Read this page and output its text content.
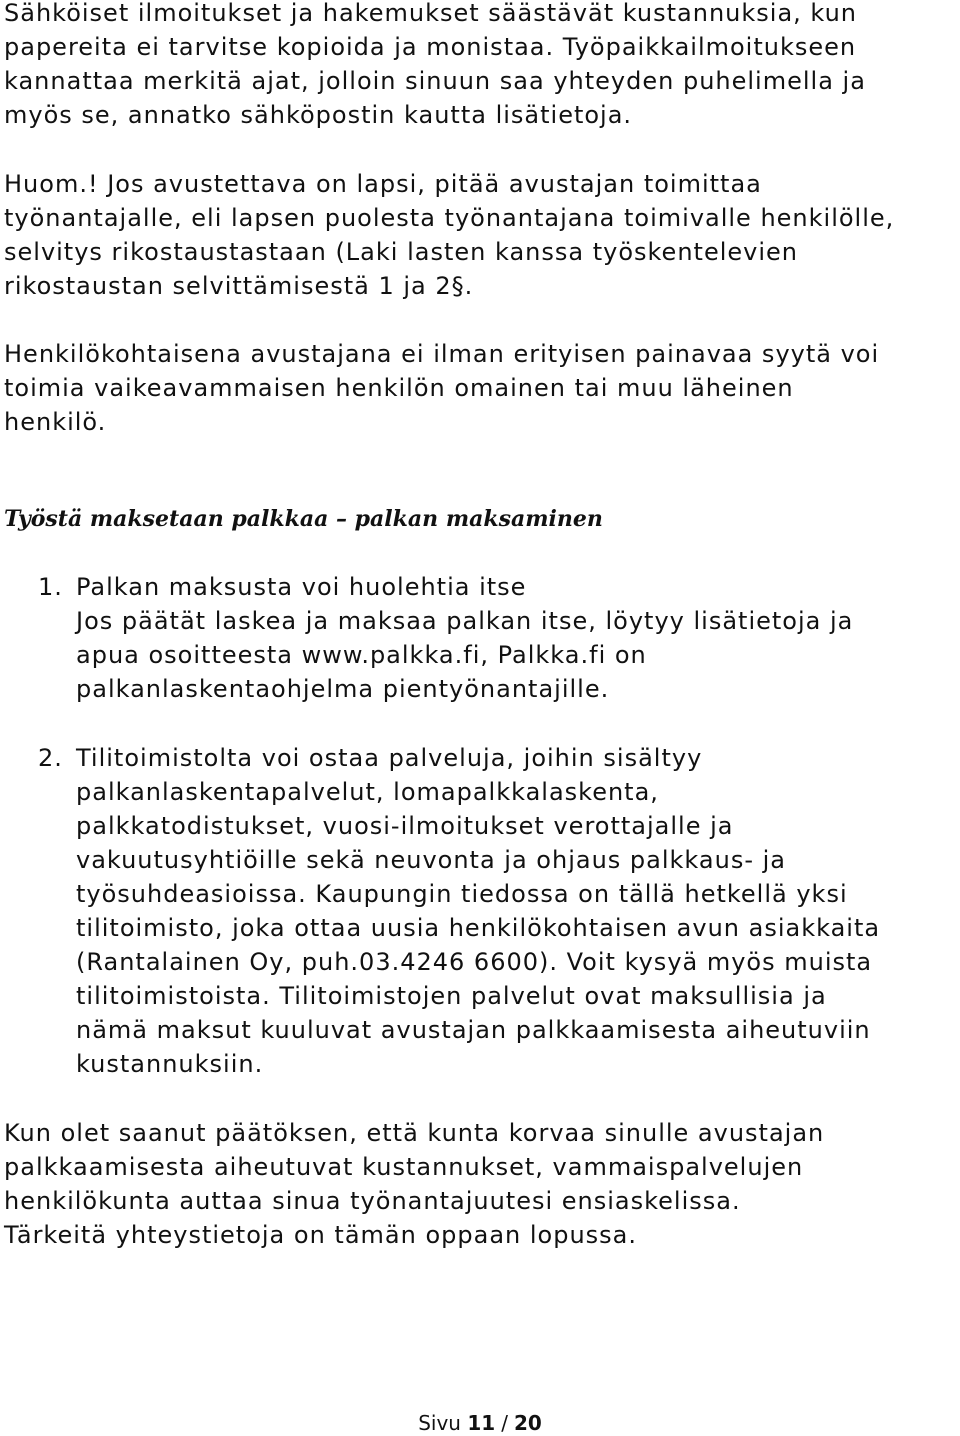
Sähköiset ilmoitukset ja hakemukset säästävät kustannuksia, kun
papereita ei tarvitse kopioida ja monistaa. Työpaikkailmoitukseen
kannattaa merkitä ajat, jolloin sinuun saa yhteyden puhelimella ja
myös se, annatko sähköpostin kautta lisätietoja.

Huom.! Jos avustettava on lapsi, pitää avustajan toimittaa
työnantajalle, eli lapsen puolesta työnantajana toimivalle henkilölle,
selvitys rikostaustastaan (Laki lasten kanssa työskentelevien
rikostaustan selvittämisestä 1 ja 2§.

Henkilökohtaisena avustajana ei ilman erityisen painavaa syytä voi
toimia vaikeavammaisen henkilön omainen tai muu läheinen
henkilö.

Työstä maksetaan palkkaa – palkan maksaminen
1. Palkan maksusta voi huolehtia itse
Jos päätät laskea ja maksaa palkan itse, löytyy lisätietoja ja
apua osoitteesta www.palkka.fi, Palkka.fi on
palkanlaskentaohjelma pientyönantajille.
2. Tilitoimistolta voi ostaa palveluja, joihin sisältyy
palkanlaskentapalvelut, lomapalkkalaskenta,
palkkatodistukset, vuosi-ilmoitukset verottajalle ja
vakuutusyhtiöille sekä neuvonta ja ohjaus palkkaus- ja
työsuhdeasioissa. Kaupungin tiedossa on tällä hetkellä yksi
tilitoimisto, joka ottaa uusia henkilökohtaisen avun asiakkaita
(Rantalainen Oy, puh.03.4246 6600). Voit kysyä myös muista
tilitoimistoista. Tilitoimistojen palvelut ovat maksullisia ja
nämä maksut kuuluvat avustajan palkkaamisesta aiheutuviin
kustannuksiin.

Kun olet saanut päätöksen, että kunta korvaa sinulle avustajan
palkkaamisesta aiheutuvat kustannukset, vammaispalvelujen
henkilökunta auttaa sinua työnantajuutesi ensiaskelissa.
Tärkeitä yhteystietoja on tämän oppaan lopussa.

Sivu 11 / 20
